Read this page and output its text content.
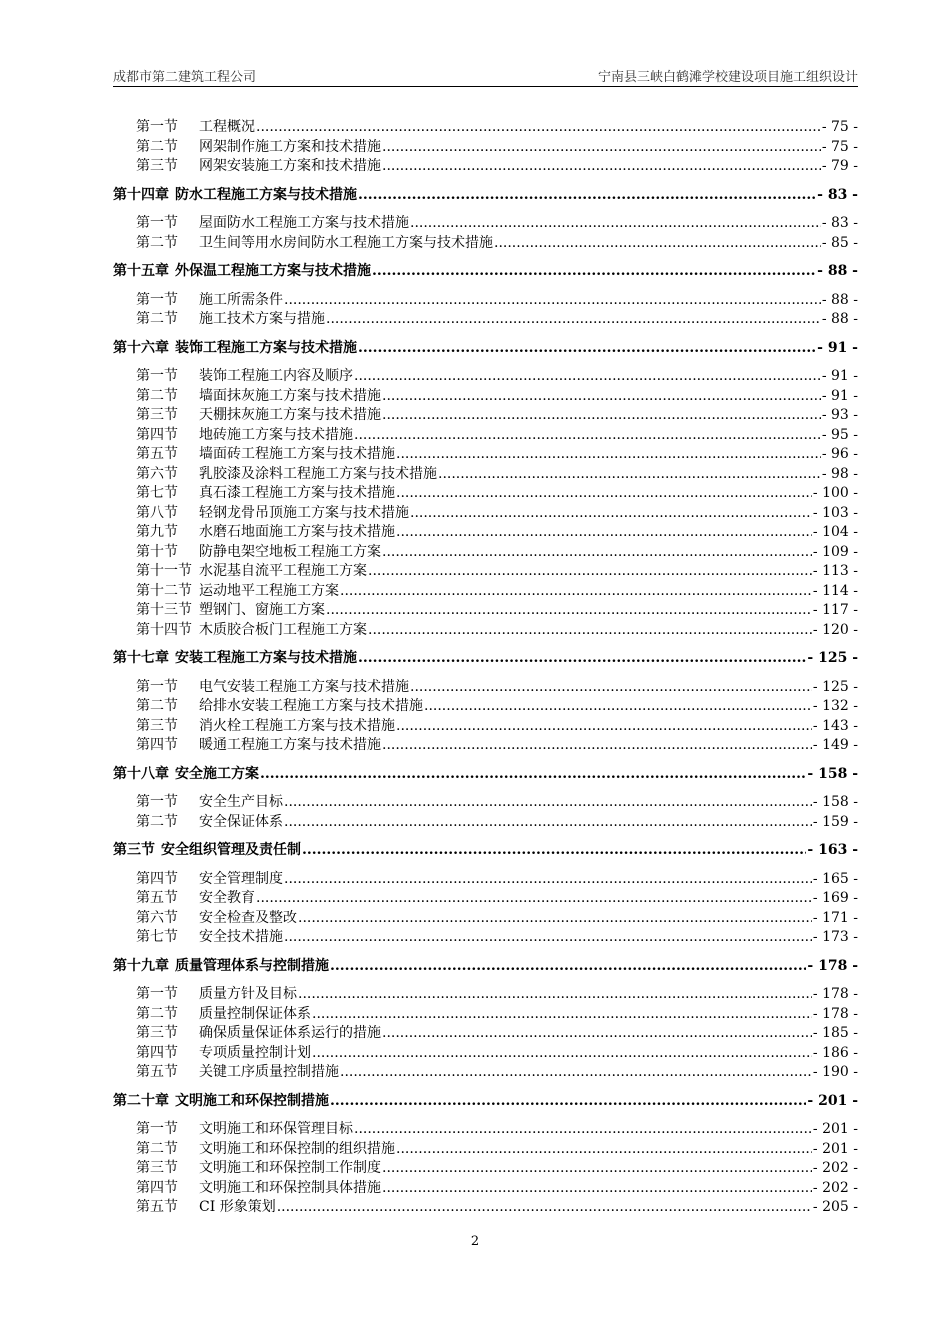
成都市第二建筑工程公司	宁南县三峡白鹤滩学校建设项目施工组织设计
第一节	工程概况 .....	- 75 -
第二节	网架制作施工方案和技术措施 .....	- 75 -
第三节	网架安装施工方案和技术措施 .....	- 79 -
第十四章 防水工程施工方案与技术措施 .....	- 83 -
第一节	屋面防水工程施工方案与技术措施 .....	- 83 -
第二节	卫生间等用水房间防水工程施工方案与技术措施 .....	- 85 -
第十五章 外保温工程施工方案与技术措施 .....	- 88 -
第一节	施工所需条件 .....	- 88 -
第二节	施工技术方案与措施 .....	- 88 -
第十六章 装饰工程施工方案与技术措施 .....	- 91 -
第一节	装饰工程施工内容及顺序 .....	- 91 -
第二节	墙面抹灰施工方案与技术措施 .....	- 91 -
第三节	天棚抹灰施工方案与技术措施 .....	- 93 -
第四节	地砖施工方案与技术措施 .....	- 95 -
第五节	墙面砖工程施工方案与技术措施 .....	- 96 -
第六节	乳胶漆及涂料工程施工方案与技术措施 .....	- 98 -
第七节	真石漆工程施工方案与技术措施 .....	- 100 -
第八节	轻钢龙骨吊顶施工方案与技术措施 .....	- 103 -
第九节	水磨石地面施工方案与技术措施 .....	- 104 -
第十节	防静电架空地板工程施工方案 .....	- 109 -
第十一节 水泥基自流平工程施工方案 .....	- 113 -
第十二节 运动地平工程施工方案 .....	- 114 -
第十三节 塑钢门、窗施工方案 .....	- 117 -
第十四节 木质胶合板门工程施工方案 .....	- 120 -
第十七章 安装工程施工方案与技术措施 .....	- 125 -
第一节	电气安装工程施工方案与技术措施 .....	- 125 -
第二节	给排水安装工程施工方案与技术措施 .....	- 132 -
第三节	消火栓工程施工方案与技术措施 .....	- 143 -
第四节	暖通工程施工方案与技术措施 .....	- 149 -
第十八章 安全施工方案 .....	- 158 -
第一节	安全生产目标 .....	- 158 -
第二节	安全保证体系 .....	- 159 -
第三节 安全组织管理及责任制 .....	- 163 -
第四节	安全管理制度 .....	- 165 -
第五节	安全教育 .....	- 169 -
第六节	安全检查及整改 .....	- 171 -
第七节	安全技术措施 .....	- 173 -
第十九章 质量管理体系与控制措施 .....	- 178 -
第一节	质量方针及目标 .....	- 178 -
第二节	质量控制保证体系 .....	- 178 -
第三节	确保质量保证体系运行的措施 .....	- 185 -
第四节	专项质量控制计划 .....	- 186 -
第五节	关键工序质量控制措施 .....	- 190 -
第二十章 文明施工和环保控制措施 .....	- 201 -
第一节	文明施工和环保管理目标 .....	- 201 -
第二节	文明施工和环保控制的组织措施 .....	- 201 -
第三节	文明施工和环保控制工作制度 .....	- 202 -
第四节	文明施工和环保控制具体措施 .....	- 202 -
第五节	CI 形象策划 .....	- 205 -
2
